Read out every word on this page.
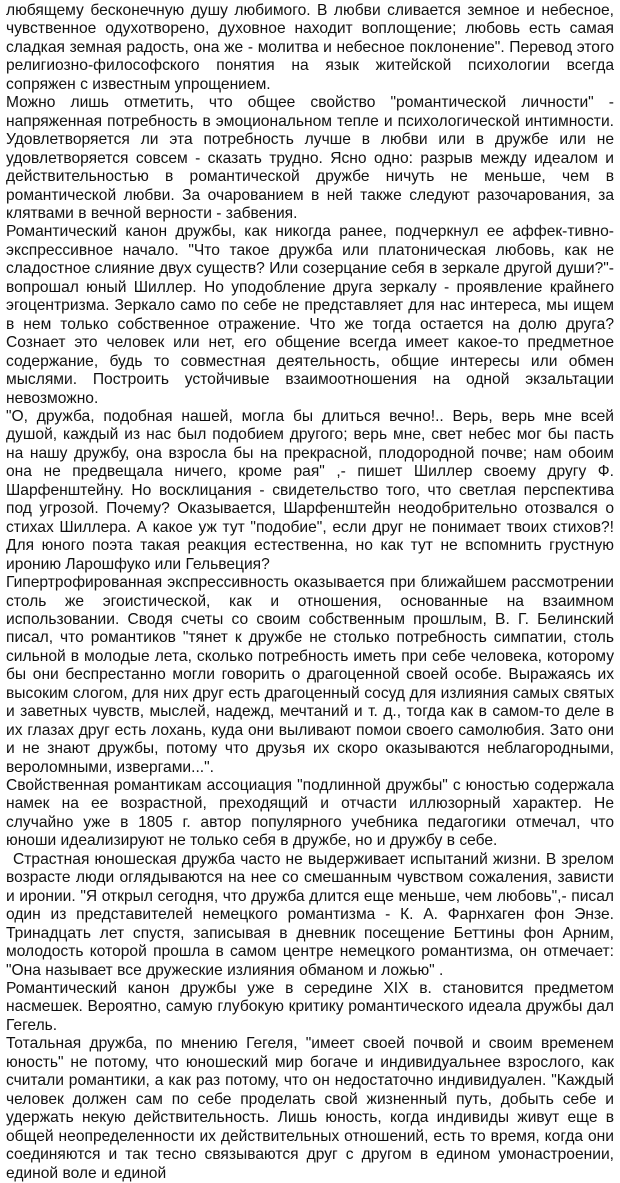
любящему бесконечную душу любимого. В любви сливается земное и небесное, чувственное одухотворено, духовное находит воплощение; любовь есть самая сладкая земная радость, она же - молитва и небесное поклонение". Перевод этого религиозно-философского понятия на язык житейской психологии всегда сопряжен с известным упрощением.

Можно лишь отметить, что общее свойство "романтической личности" - напряженная потребность в эмоциональном тепле и психологической интимности. Удовлетворяется ли эта потребность лучше в любви или в дружбе или не удовлетворяется совсем - сказать трудно. Ясно одно: разрыв между идеалом и действительностью в романтической дружбе ничуть не меньше, чем в романтической любви. За очарованием в ней также следуют разочарования, за клятвами в вечной верности - забвения.

Романтический канон дружбы, как никогда ранее, подчеркнул ее аффек-тивно-экспрессивное начало. "Что такое дружба или платоническая любовь, как не сладостное слияние двух существ? Или созерцание себя в зеркале другой души?"-вопрошал юный Шиллер. Но уподобление друга зеркалу - проявление крайнего эгоцентризма. Зеркало само по себе не представляет для нас интереса, мы ищем в нем только собственное отражение. Что же тогда остается на долю друга? Сознает это человек или нет, его общение всегда имеет какое-то предметное содержание, будь то совместная деятельность, общие интересы или обмен мыслями. Построить устойчивые взаимоотношения на одной экзальтации невозможно.

"О, дружба, подобная нашей, могла бы длиться вечно!.. Верь, верь мне всей душой, каждый из нас был подобием другого; верь мне, свет небес мог бы пасть на нашу дружбу, она взросла бы на прекрасной, плодородной почве; нам обоим она не предвещала ничего, кроме рая" ,- пишет Шиллер своему другу Ф. Шарфенштейну. Но восклицания - свидетельство того, что светлая перспектива под угрозой. Почему? Оказывается, Шарфенштейн неодобрительно отозвался о стихах Шиллера. А какое уж тут "подобие", если друг не понимает твоих стихов?! Для юного поэта такая реакция естественна, но как тут не вспомнить грустную иронию Ларошфуко или Гельвеция?

Гипертрофированная экспрессивность оказывается при ближайшем рассмотрении столь же эгоистической, как и отношения, основанные на взаимном использовании. Сводя счеты со своим собственным прошлым, В. Г. Белинский писал, что романтиков "тянет к дружбе не столько потребность симпатии, столь сильной в молодые лета, сколько потребность иметь при себе человека, которому бы они беспрестанно могли говорить о драгоценной своей особе. Выражаясь их высоким слогом, для них друг есть драгоценный сосуд для излияния самых святых и заветных чувств, мыслей, надежд, мечтаний и т. д., тогда как в самом-то деле в их глазах друг есть лохань, куда они выливают помои своего самолюбия. Зато они и не знают дружбы, потому что друзья их скоро оказываются неблагородными, вероломными, извергами...".

Свойственная романтикам ассоциация "подлинной дружбы" с юностью содержала намек на ее возрастной, преходящий и отчасти иллюзорный характер. Не случайно уже в 1805 г. автор популярного учебника педагогики отмечал, что юноши идеализируют не только себя в дружбе, но и дружбу в себе.

Страстная юношеская дружба часто не выдерживает испытаний жизни. В зрелом возрасте люди оглядываются на нее со смешанным чувством сожаления, зависти и иронии. "Я открыл сегодня, что дружба длится еще меньше, чем любовь",- писал один из представителей немецкого романтизма - К. А. Фарнхаген фон Энзе. Тринадцать лет спустя, записывая в дневник посещение Беттины фон Арним, молодость которой прошла в самом центре немецкого романтизма, он отмечает: "Она называет все дружеские излияния обманом и ложью" .

Романтический канон дружбы уже в середине XIX в. становится предметом насмешек. Вероятно, самую глубокую критику романтического идеала дружбы дал Гегель.

Тотальная дружба, по мнению Гегеля, "имеет своей почвой и своим временем юность" не потому, что юношеский мир богаче и индивидуальнее взрослого, как считали романтики, а как раз потому, что он недостаточно индивидуален. "Каждый человек должен сам по себе проделать свой жизненный путь, добыть себе и удержать некую действительность. Лишь юность, когда индивиды живут еще в общей неопределенности их действительных отношений, есть то время, когда они соединяются и так тесно связываются друг с другом в едином умонастроении, единой воле и единой
